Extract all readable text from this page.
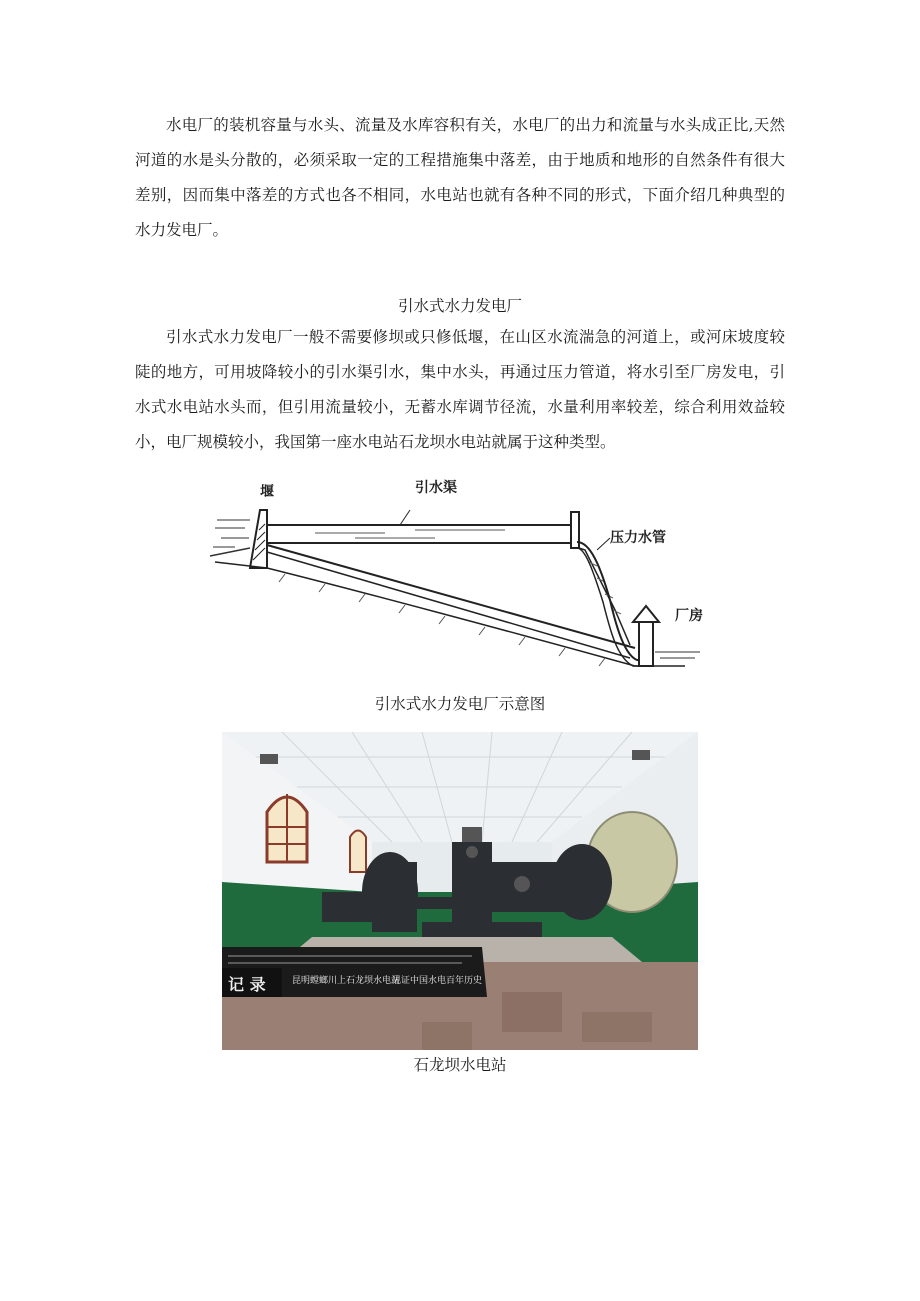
水电厂的装机容量与水头、流量及水库容积有关，水电厂的出力和流量与水头成正比,天然河道的水是头分散的，必须采取一定的工程措施集中落差，由于地质和地形的自然条件有很大差别，因而集中落差的方式也各不相同，水电站也就有各种不同的形式，下面介绍几种典型的水力发电厂。

引水式水力发电厂

引水式水力发电厂一般不需要修坝或只修低堰，在山区水流湍急的河道上，或河床坡度较陡的地方，可用坡降较小的引水渠引水，集中水头，再通过压力管道，将水引至厂房发电，引水式水电站水头而，但引用流量较小，无蓄水库调节径流，水量利用率较差，综合利用效益较小，电厂规模较小，我国第一座水电站石龙坝水电站就属于这种类型。

堰	引水渠
压力水管
厂房
引水式水力发电厂示意图
记 录	昆明螳螂川上石龙坝水电站
见证中国水电百年历史
石龙坝水电站
